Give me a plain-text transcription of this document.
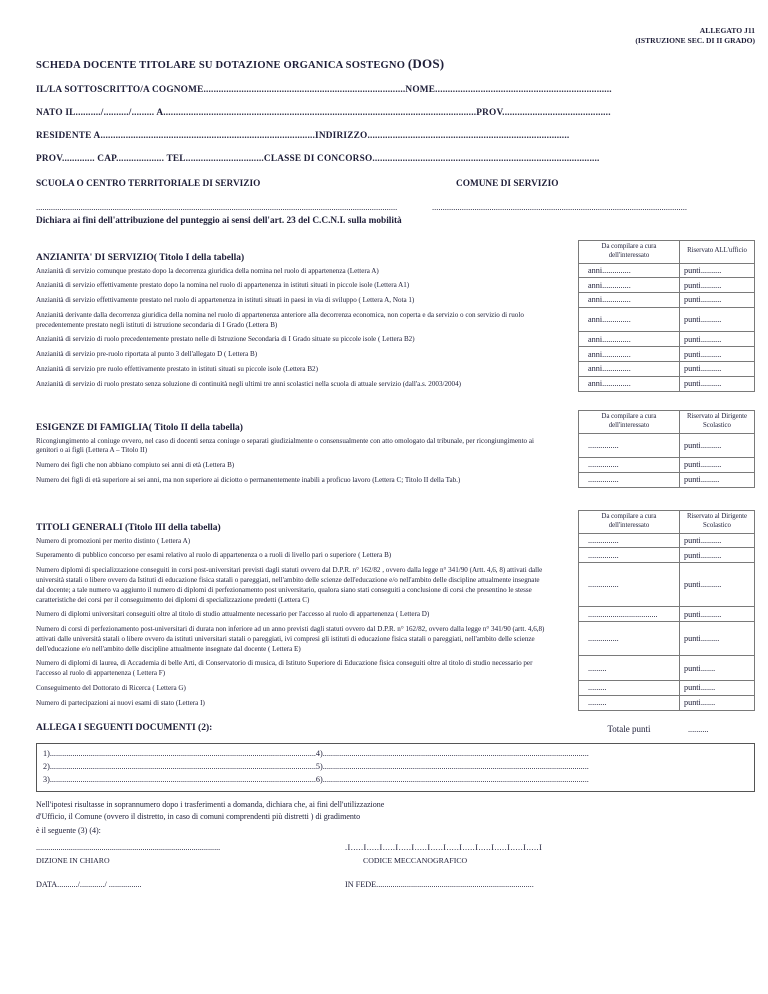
ALLEGATO J11
(ISTRUZIONE SEC. DI II GRADO)
SCHEDA DOCENTE TITOLARE SU DOTAZIONE ORGANICA SOSTEGNO (DOS)
IL/LA SOTTOSCRITTO/A COGNOME................................................................................NOME......................................................................
NATO IL........../........../......... A............................................................................................................................PROV...........................................
RESIDENTE A.....................................................................................INDIRIZZO................................................................................
PROV............. CAP................... TEL...............................CLASSE DI CONCORSO..........................................................................................
SCUOLA O CENTRO TERRITORIALE DI SERVIZIO	COMUNE DI SERVIZIO
..........................................................................................................................................................................	........................................................................................................................
Dichiara ai fini dell'attribuzione del punteggio ai sensi dell'art. 23 del C.C.N.I. sulla mobilità
ANZIANITA' DI SERVIZIO( Titolo I della tabella)
Da compilare a cura dell'interessato
Riservato ALL'ufficio
Anzianità di servizio comunque prestato dopo la decorrenza giuridica della nomina nel ruolo di appartenenza (Lettera A)	anni..............	punti..........
Anzianità di servizio effettivamente prestato dopo la nomina nel ruolo di appartenenza in istituti situati in piccole isole (Lettera A1)	anni..............	punti..........
Anzianità di servizio effettivamente prestato nel ruolo di appartenenza in istituti situati in paesi in via di sviluppo ( Lettera A, Nota 1)	anni..............	punti..........
Anzianità derivante dalla decorrenza giuridica della nomina nel ruolo di appartenenza anteriore alla decorrenza economica, non coperta e da servizio o con servizio di ruolo precedentemente prestato negli istituti di istruzione secondaria di I Grado (Lettera B)
anni..............	punti..........
Anzianità di servizio di ruolo precedentemente prestato nelle di Istruzione Secondaria di I Grado situate su piccole isole ( Lettera B2)	anni..............	punti..........
Anzianità di servizio pre-ruolo riportata al punto 3 dell'allegato D ( Lettera B)	anni..............	punti..........
Anzianità di servizio pre ruolo effettivamente prestato in istituti situati su piccole isole (Lettera B2)	anni..............	punti..........
Anzianità di servizio di ruolo prestato senza soluzione di continuità negli ultimi tre anni scolastici nella scuola di attuale servizio (dall'a.s. 2003/2004)	anni..............	punti..........
ESIGENZE DI FAMIGLIA( Titolo II della tabella)
Da compilare a cura dell'interessato
Riservato al Dirigente Scolastico
Ricongiungimento al coniuge ovvero, nel caso di docenti senza coniuge o separati giudizialmente o consensualmente con atto omologato dal tribunale, per ricongiungimento ai genitori o ai figli (Lettera A – Titolo II)
...............	punti..........
Numero dei figli che non abbiano compiuto sei anni di età (Lettera B)	...............	punti..........
Numero dei figli di età superiore ai sei anni, ma non superiore ai diciotto o permanentemente inabili a proficuo lavoro (Lettera C; Titolo II della Tab.)	...............	punti.........
TITOLI GENERALI (Titolo III della tabella)
Da compilare a cura dell'interessato
Riservato al Dirigente Scolastico
Numero di promozioni per merito distinto ( Lettera A)	...............	punti..........
Superamento di pubblico concorso per esami relativo al ruolo di appartenenza o a ruoli di livello pari o superiore ( Lettera B)	...............	punti..........
Numero diplomi di specializzazione conseguiti in corsi post-universitari previsti dagli statuti ovvero dal D.P.R. n° 162/82 , ovvero dalla legge n° 341/90 (Artt. 4,6, 8) attivati dalle università statali o libere ovvero da Istituti di educazione fisica statali o pareggiati, nell'ambito delle scienze dell'educazione e/o nell'ambito delle discipline attualmente insegnate dal docente; a tale numero va aggiunto il numero di diplomi di perfezionamento post universitario, qualora siano stati conseguiti a conclusione di corsi che presentino le stesse caratteristiche dei corsi per il conseguimento dei diplomi di specializzazione predetti (Lettera C)
...............	punti..........
Numero di diplomi universitari conseguiti oltre al titolo di studio attualmente necessario per l'accesso al ruolo di appartenenza ( Lettera D)	..................................	punti..........
Numero di corsi di perfezionamento post-universitari di durata non inferiore ad un anno previsti dagli statuti ovvero dal D.P.R. n° 162/82, ovvero dalla legge n° 341/90 (artt. 4,6,8) attivati dalle università statali o libere ovvero da istituti universitari statali o pareggiati, ivi compresi gli istituti di educazione fisica statali o pareggiati, nell'ambito delle scienze dell'educazione e/o nell'ambito delle discipline attualmente insegnate dal docente ( Lettera E)
...............	punti.........
Numero di diplomi di laurea, di Accademia di belle Arti, di Conservatorio di musica, di Istituto Superiore di Educazione fisica conseguiti oltre al titolo di studio necessario per l'accesso al ruolo di appartenenza ( Lettera F)
.........	punti.......
Conseguimento del Dottorato di Ricerca ( Lettera G)	.........	punti.......
Numero di partecipazioni ai nuovi esami di stato (Lettera I)	.........	punti.......
ALLEGA I SEGUENTI DOCUMENTI (2):	Totale punti	..........
1)..................................................................................................................................4)..................................................................................................................................
2)..................................................................................................................................5)..................................................................................................................................
3)..................................................................................................................................6)..................................................................................................................................
Nell'ipotesi risultasse in soprannumero dopo i trasferimenti a domanda, dichiara che, ai fini dell'utilizzazione
d'Ufficio, il Comune (ovvero il distretto, in caso di comuni comprendenti più distretti ) di gradimento
è il seguente (3) (4):
..........................................................................................	.I.....I.....I.....I.....I.....I.....I.....I.....I.....I.....I.....I.....I
DIZIONE IN CHIARO	CODICE MECCANOGRAFICO
DATA........../............/ ................	IN FEDE.............................................................................
